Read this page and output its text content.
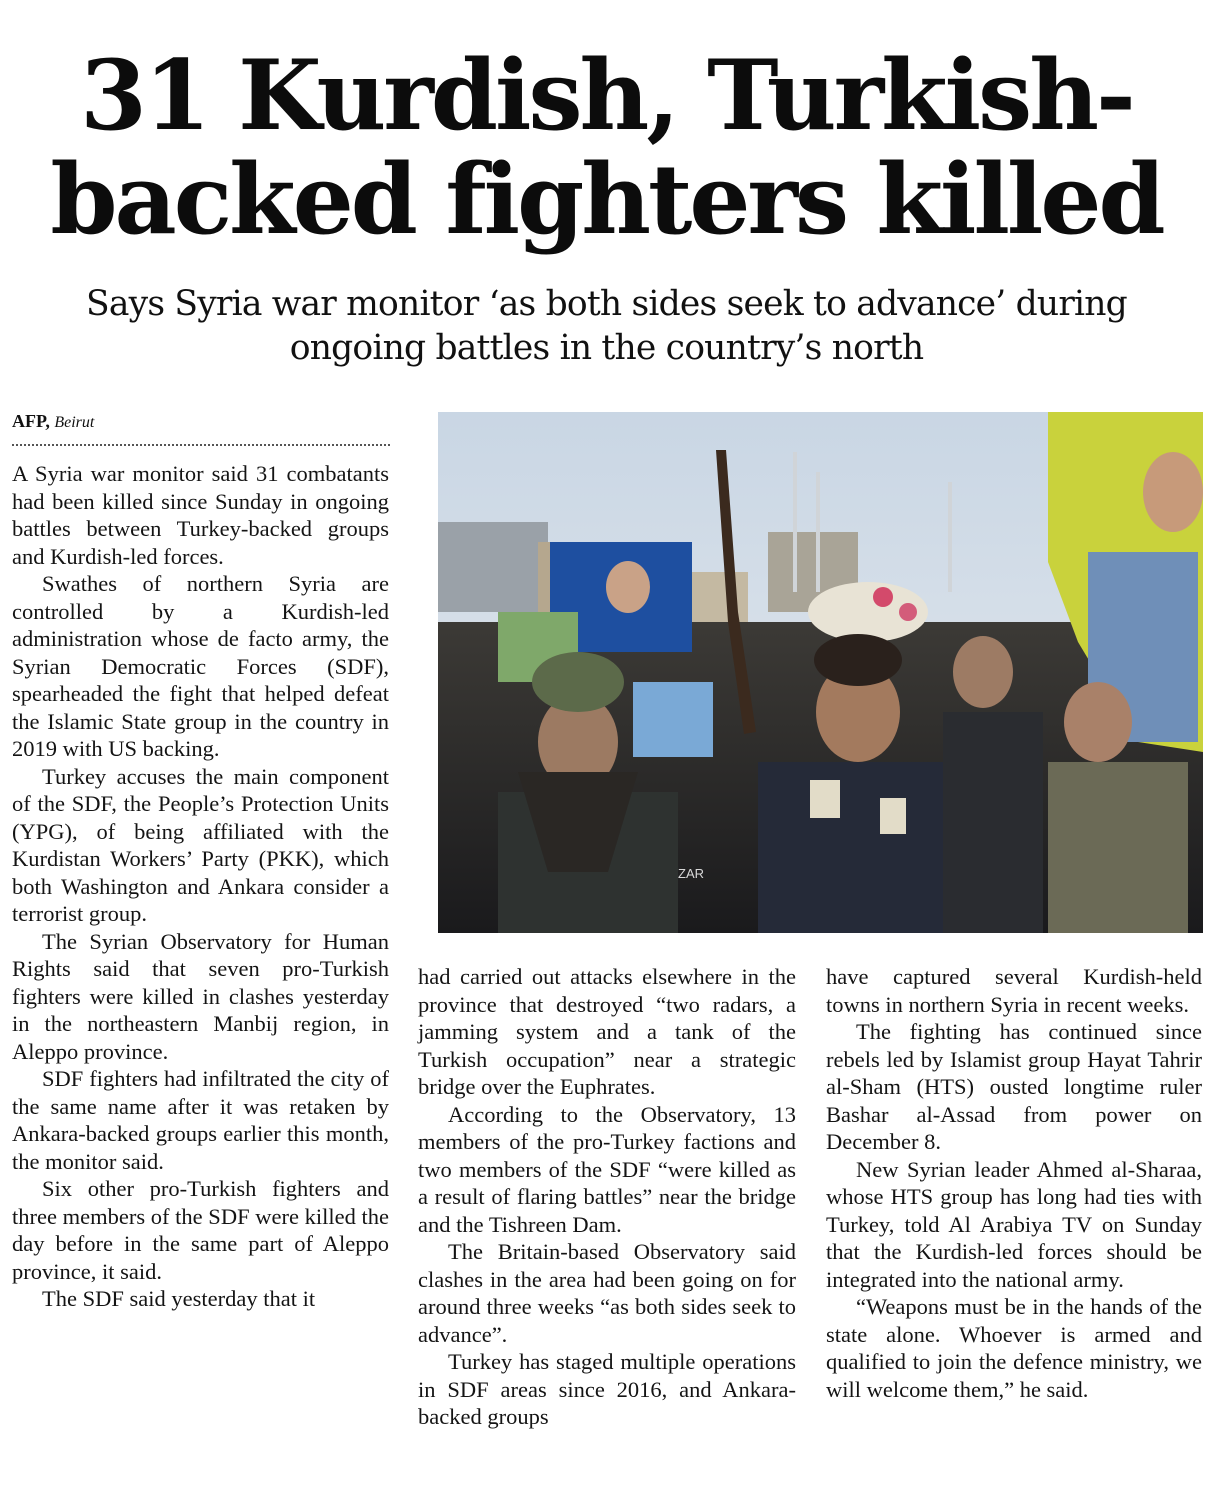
31 Kurdish, Turkish-
backed fighters killed
Says Syria war monitor ‘as both sides seek to advance’ during
ongoing battles in the country’s north
AFP, Beirut

A Syria war monitor said 31 combatants had been killed since Sunday in ongoing battles between Turkey-backed groups and Kurdish-led forces.

Swathes of northern Syria are controlled by a Kurdish-led administration whose de facto army, the Syrian Democratic Forces (SDF), spearheaded the fight that helped defeat the Islamic State group in the country in 2019 with US backing.

Turkey accuses the main component of the SDF, the People’s Protection Units (YPG), of being affiliated with the Kurdistan Workers’ Party (PKK), which both Washington and Ankara consider a terrorist group.

The Syrian Observatory for Human Rights said that seven pro-Turkish fighters were killed in clashes yesterday in the northeastern Manbij region, in Aleppo province.

SDF fighters had infiltrated the city of the same name after it was retaken by Ankara-backed groups earlier this month, the monitor said.

Six other pro-Turkish fighters and three members of the SDF were killed the day before in the same part of Aleppo province, it said.

The SDF said yesterday that it

ZAR

had carried out attacks elsewhere in the province that destroyed “two radars, a jamming system and a tank of the Turkish occupation” near a strategic bridge over the Euphrates.

According to the Observatory, 13 members of the pro-Turkey factions and two members of the SDF “were killed as a result of flaring battles” near the bridge and the Tishreen Dam.

The Britain-based Observatory said clashes in the area had been going on for around three weeks “as both sides seek to advance”.

Turkey has staged multiple operations in SDF areas since 2016, and Ankara-backed groups

have captured several Kurdish-held towns in northern Syria in recent weeks.

The fighting has continued since rebels led by Islamist group Hayat Tahrir al-Sham (HTS) ousted longtime ruler Bashar al-Assad from power on December 8.

New Syrian leader Ahmed al-Sharaa, whose HTS group has long had ties with Turkey, told Al Arabiya TV on Sunday that the Kurdish-led forces should be integrated into the national army.

“Weapons must be in the hands of the state alone. Whoever is armed and qualified to join the defence ministry, we will welcome them,” he said.
